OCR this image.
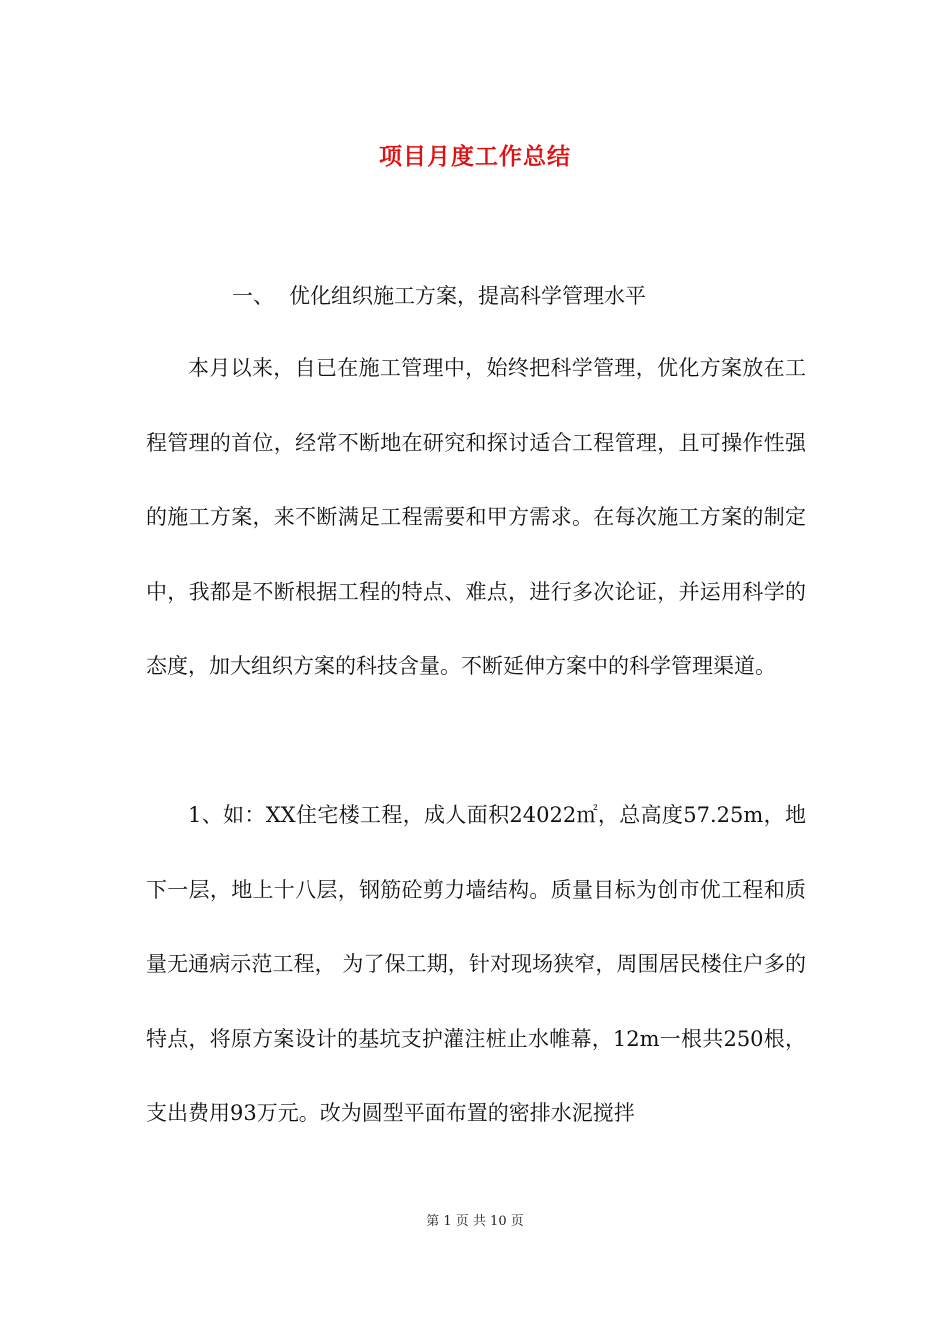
项目月度工作总结
一、 优化组织施工方案，提高科学管理水平

本月以来，自已在施工管理中，始终把科学管理，优化方案放在工程管理的首位，经常不断地在研究和探讨适合工程管理，且可操作性强的施工方案，来不断满足工程需要和甲方需求。在每次施工方案的制定中，我都是不断根据工程的特点、难点，进行多次论证，并运用科学的态度，加大组织方案的科技含量。不断延伸方案中的科学管理渠道。

1、如：XX住宅楼工程，成人面积24022㎡，总高度57.25m，地下一层，地上十八层，钢筋砼剪力墙结构。质量目标为创市优工程和质量无通病示范工程， 为了保工期，针对现场狭窄，周围居民楼住户多的特点，将原方案设计的基坑支护灌注桩止水帷幕，12m一根共250根，支出费用93万元。改为圆型平面布置的密排水泥搅拌

第 1 页 共 10 页
